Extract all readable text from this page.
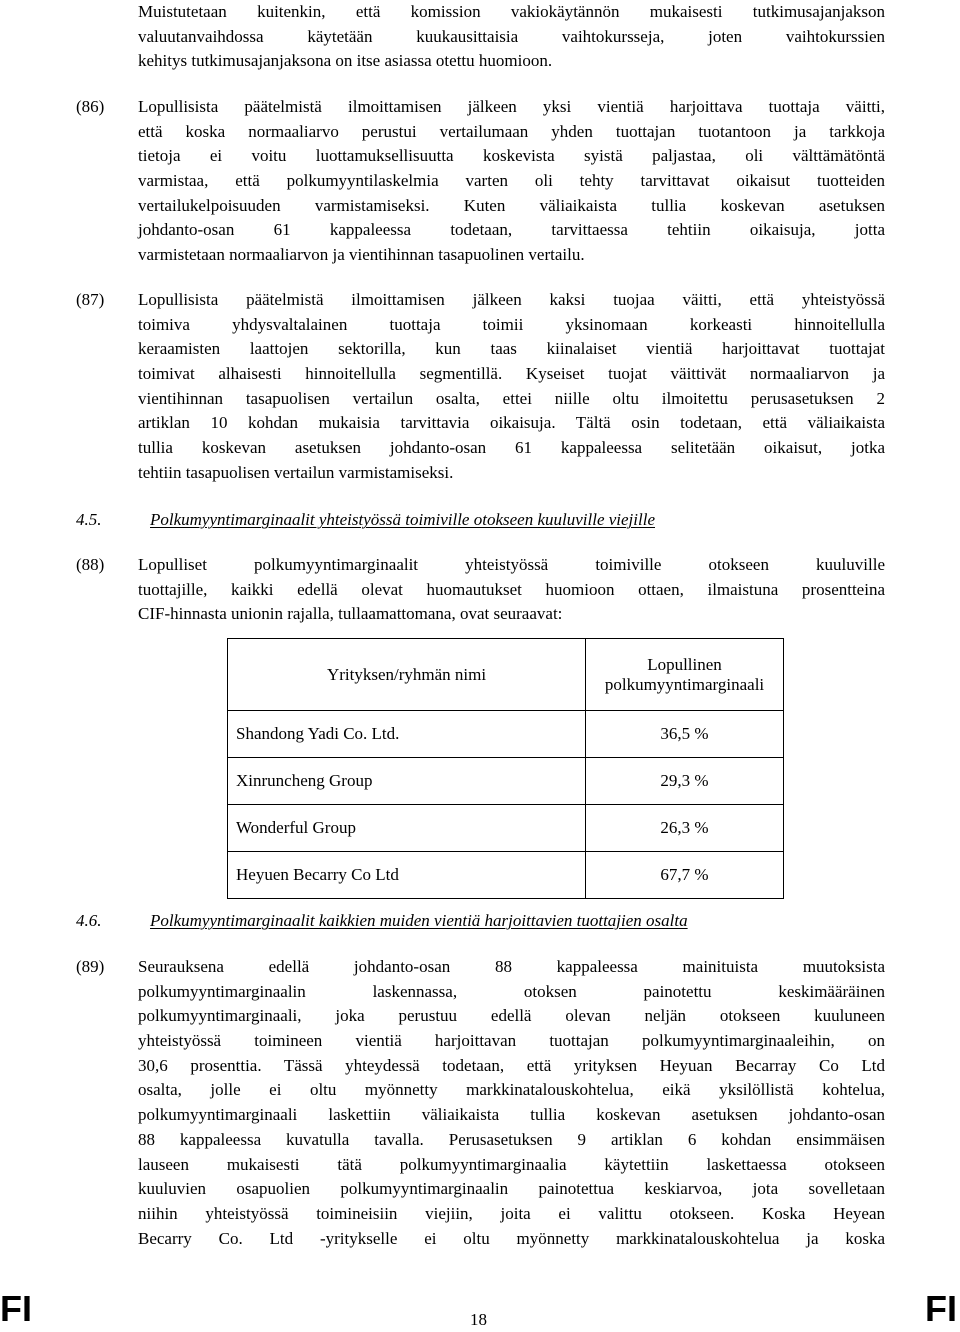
Muistutetaan kuitenkin, että komission vakiokäytännön mukaisesti tutkimusajanjakson
valuutanvaihdossa käytetään kuukausittaisia vaihtokursseja, joten vaihtokurssien
kehitys tutkimusajanjaksona on itse asiassa otettu huomioon.
(86) Lopullisista päätelmistä ilmoittamisen jälkeen yksi vientiä harjoittava tuottaja väitti,
että koska normaaliarvo perustui vertailumaan yhden tuottajan tuotantoon ja tarkkoja
tietoja ei voitu luottamuksellisuutta koskevista syistä paljastaa, oli välttämätöntä
varmistaa, että polkumyyntilaskelmia varten oli tehty tarvittavat oikaisut tuotteiden
vertailukelpoisuuden varmistamiseksi. Kuten väliaikaista tullia koskevan asetuksen
johdanto-osan 61 kappaleessa todetaan, tarvittaessa tehtiin oikaisuja, jotta
varmistetaan normaaliarvon ja vientihinnan tasapuolinen vertailu.
(87) Lopullisista päätelmistä ilmoittamisen jälkeen kaksi tuojaa väitti, että yhteistyössä
toimiva yhdysvaltalainen tuottaja toimii yksinomaan korkeasti hinnoitellulla
keraamisten laattojen sektorilla, kun taas kiinalaiset vientiä harjoittavat tuottajat
toimivat alhaisesti hinnoitellulla segmentillä. Kyseiset tuojat väittivät normaaliarvon ja
vientihinnan tasapuolisen vertailun osalta, ettei niille oltu ilmoitettu perusasetuksen 2
artiklan 10 kohdan mukaisia tarvittavia oikaisuja. Tältä osin todetaan, että väliaikaista
tullia koskevan asetuksen johdanto-osan 61 kappaleessa selitetään oikaisut, jotka
tehtiin tasapuolisen vertailun varmistamiseksi.
4.5.	Polkumyyntimarginaalit yhteistyössä toimiville otokseen kuuluville viejille
(88) Lopulliset polkumyyntimarginaalit yhteistyössä toimiville otokseen kuuluville
tuottajille, kaikki edellä olevat huomautukset huomioon ottaen, ilmaistuna prosentteina
CIF-hinnasta unionin rajalla, tullaamattomana, ovat seuraavat:
Yrityksen/ryhmän nimi	Lopullinen
polkumyyntimarginaali
Shandong Yadi Co. Ltd.	36,5 %
Xinruncheng Group	29,3 %
Wonderful Group	26,3 %
Heyuen Becarry Co Ltd	67,7 %
4.6.	Polkumyyntimarginaalit kaikkien muiden vientiä harjoittavien tuottajien osalta
(89) Seurauksena edellä johdanto-osan 88 kappaleessa mainituista muutoksista
polkumyyntimarginaalin laskennassa, otoksen painotettu keskimääräinen
polkumyyntimarginaali, joka perustuu edellä olevan neljän otokseen kuuluneen
yhteistyössä toimineen vientiä harjoittavan tuottajan polkumyyntimarginaaleihin, on
30,6 prosenttia. Tässä yhteydessä todetaan, että yrityksen Heyuan Becarray Co Ltd
osalta, jolle ei oltu myönnetty markkinatalouskohtelua, eikä yksilöllistä kohtelua,
polkumyyntimarginaali laskettiin väliaikaista tullia koskevan asetuksen johdanto-osan
88 kappaleessa kuvatulla tavalla. Perusasetuksen 9 artiklan 6 kohdan ensimmäisen
lauseen mukaisesti tätä polkumyyntimarginaalia käytettiin laskettaessa otokseen
kuuluvien osapuolien polkumyyntimarginaalin painotettua keskiarvoa, jota sovelletaan
niihin yhteistyössä toimineisiin viejiin, joita ei valittu otokseen. Koska Heyean
Becarry Co. Ltd -yritykselle ei oltu myönnetty markkinatalouskohtelua ja koska
FI	18	FI
